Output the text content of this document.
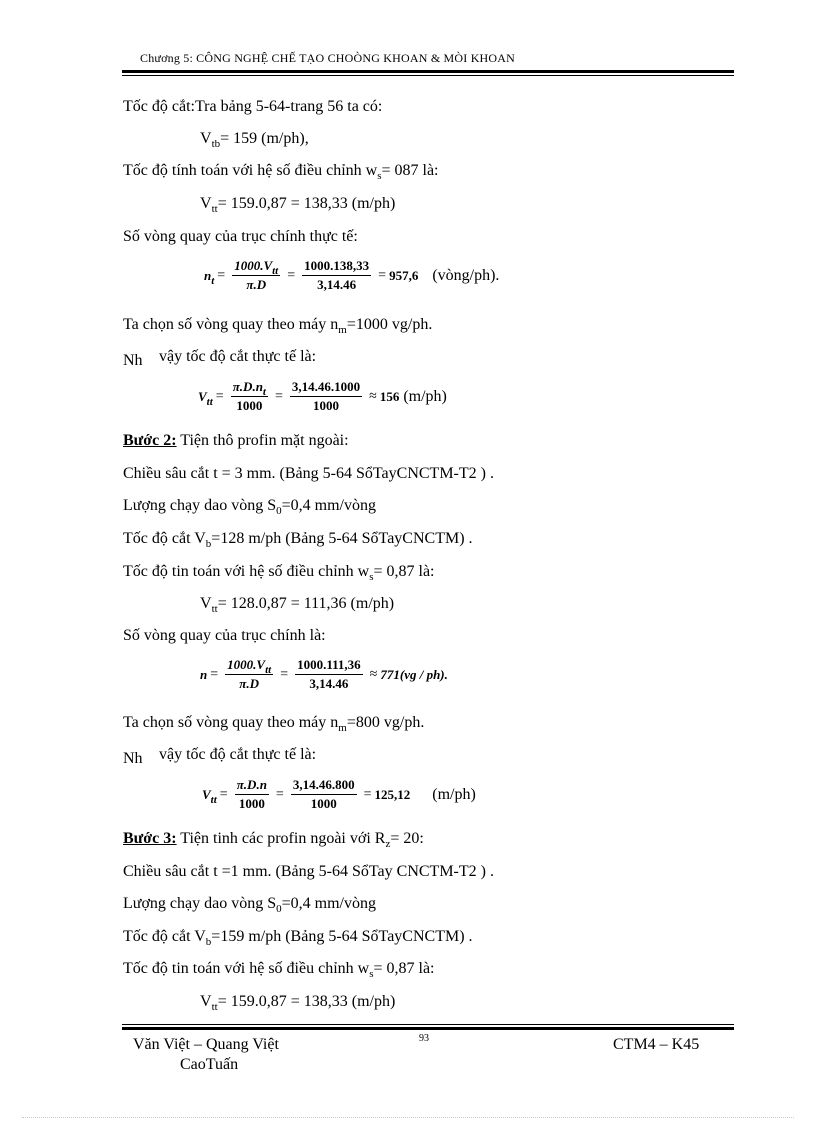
Chương 5: CÔNG NGHỆ CHẾ TẠO CHOÒNG KHOAN & MÒI KHOAN
Tốc độ cắt:Tra bảng 5-64-trang 56 ta có:
$V_{tb}= 159$ (m/ph),
Tốc độ tính toán với hệ số điều chỉnh $w_s= 087$ là:
$V_{tt}= 159.0,87 = 138,33$ (m/ph)
Số vòng quay của trục chính thực tế:
$n_t = \frac{1000.V_{tt}}{\pi.D} = \frac{1000.138,33}{3,14.46} = 957,6$ (vòng/ph).
Ta chọn số vòng quay theo máy $n_m=1000$ vg/ph.
Nh vậy tốc độ cắt thực tế là:
$V_{tt} = \frac{\pi.D.n_t}{1000} = \frac{3,14.46.1000}{1000} \approx 156$ (m/ph)
Bước 2: Tiện thô profin mặt ngoài:
Chiều sâu cắt t = 3 mm. (Bảng 5-64 SổTayCNCTM-T2 ) .
Lượng chạy dao vòng $S_0=0,4$ mm/vòng
Tốc độ cắt $V_b=128$ m/ph (Bảng 5-64 SổTayCNCTM) .
Tốc độ tin toán với hệ số điều chỉnh $w_s= 0,87$ là:
$V_{tt}= 128.0,87 = 111,36$ (m/ph)
Số vòng quay của trục chính là:
$n = \frac{1000.V_{tt}}{\pi.D} = \frac{1000.111,36}{3,14.46} \approx 771(vg / ph)$.
Ta chọn số vòng quay theo máy $n_m=800$ vg/ph.
Nh vậy tốc độ cắt thực tế là:
$V_{tt} = \frac{\pi.D.n}{1000} = \frac{3,14.46.800}{1000} = 125,12$ (m/ph)
Bước 3: Tiện tinh các profin ngoài với $R_z= 20$:
Chiều sâu cắt t =1 mm. (Bảng 5-64 SổTay CNCTM-T2 ) .
Lượng chạy dao vòng $S_0=0,4$ mm/vòng
Tốc độ cắt $V_b=159$ m/ph (Bảng 5-64 SổTayCNCTM) .
Tốc độ tin toán với hệ số điều chỉnh $w_s= 0,87$ là:
$V_{tt}= 159.0,87 = 138,33$ (m/ph)
Văn Việt – Quang Việt
CaoTuấn
93	CTM4 – K45
